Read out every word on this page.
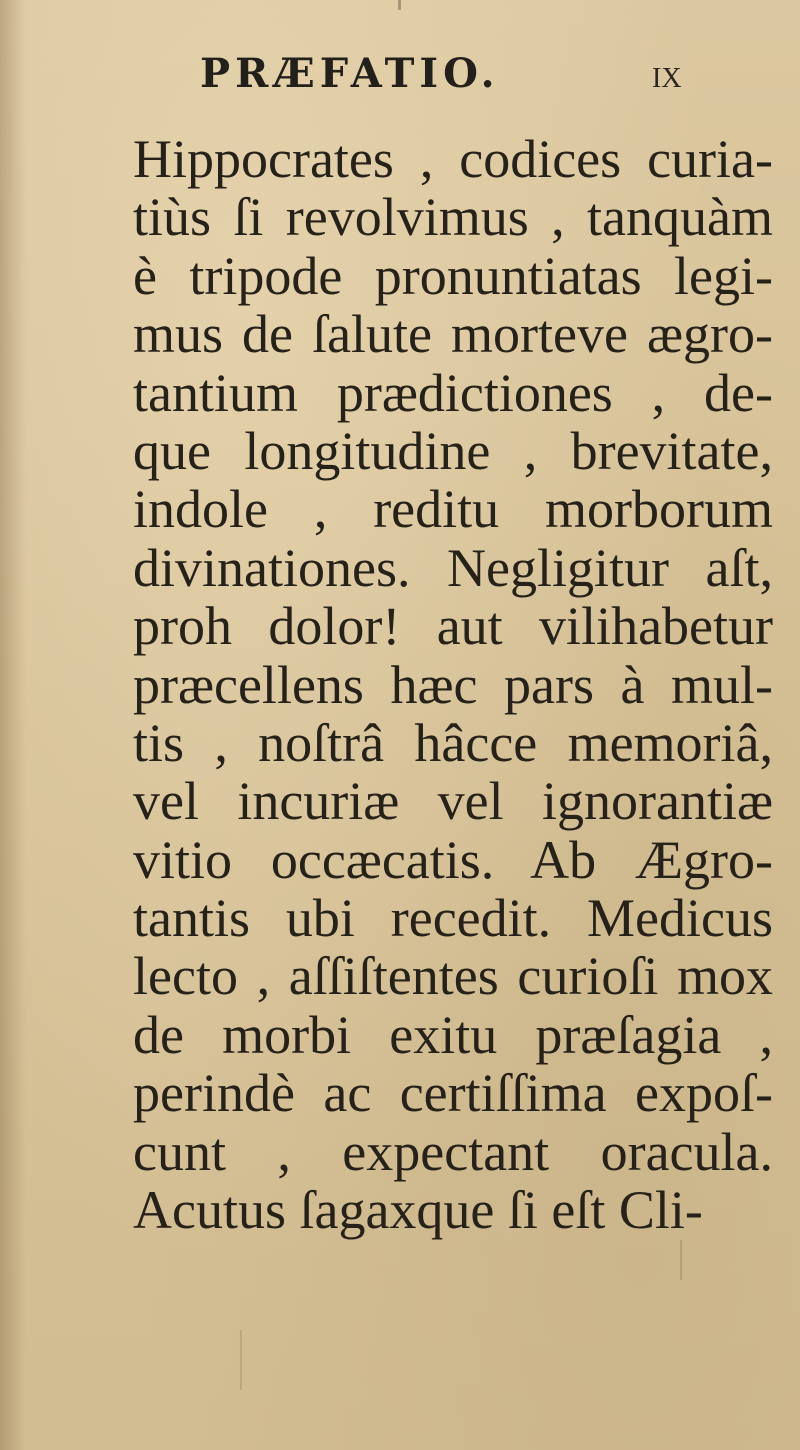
PRÆFATIO.	IX
Hippocrates , codices curia-
tiùs ſi revolvimus , tanquàm
è tripode pronuntiatas legi-
mus de ſalute morteve ægro-
tantium prædictiones , de-
que longitudine , brevitate,
indole , reditu morborum
divinationes. Negligitur aſt,
proh dolor! aut vilihabetur
præcellens hæc pars à mul-
tis , noſtrâ hâcce memoriâ,
vel incuriæ vel ignorantiæ
vitio occæcatis. Ab Ægro-
tantis ubi recedit. Medicus
lecto , aſſiſtentes curioſi mox
de morbi exitu præſagia ,
perindè ac certiſſima expoſ-
cunt , expectant oracula.
Acutus ſagaxque ſi eſt Cli-
